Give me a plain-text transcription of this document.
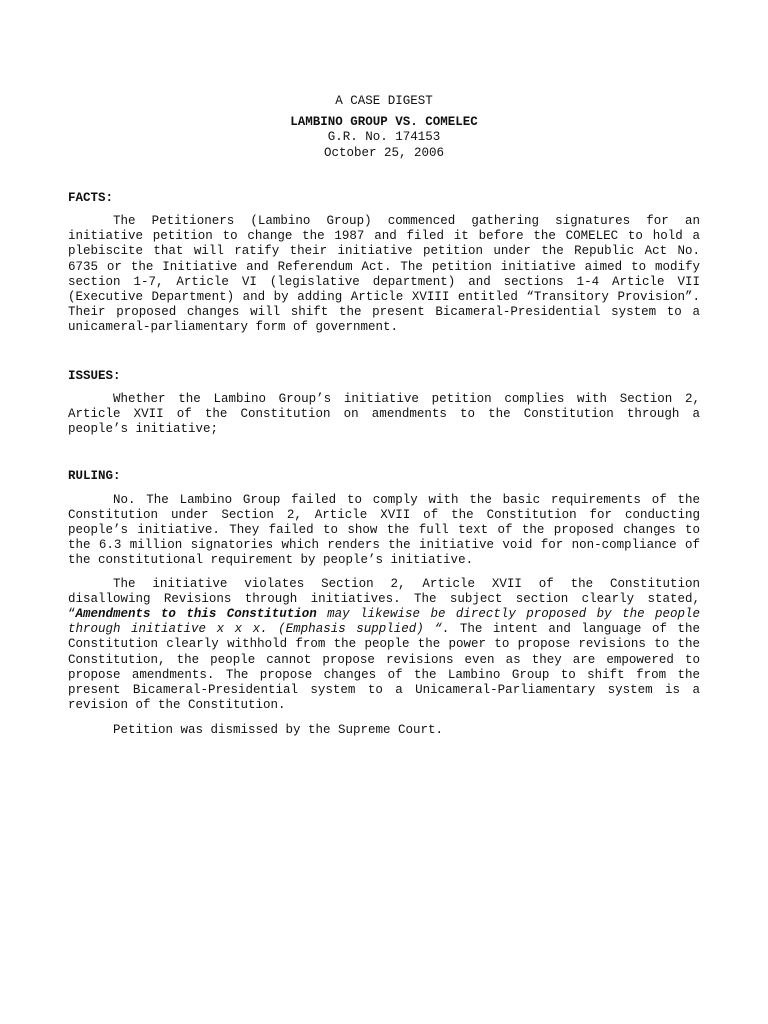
A CASE DIGEST
LAMBINO GROUP VS. COMELEC
G.R. No. 174153
October 25, 2006
FACTS:

The Petitioners (Lambino Group) commenced gathering signatures for an initiative petition to change the 1987 and filed it before the COMELEC to hold a plebiscite that will ratify their initiative petition under the Republic Act No. 6735 or the Initiative and Referendum Act. The petition initiative aimed to modify section 1-7, Article VI (legislative department) and sections 1-4 Article VII (Executive Department) and by adding Article XVIII entitled “Transitory Provision”. Their proposed changes will shift the present Bicameral-Presidential system to a unicameral-parliamentary form of government.

ISSUES:

Whether the Lambino Group’s initiative petition complies with Section 2, Article XVII of the Constitution on amendments to the Constitution through a people’s initiative;

RULING:

No. The Lambino Group failed to comply with the basic requirements of the Constitution under Section 2, Article XVII of the Constitution for conducting people’s initiative. They failed to show the full text of the proposed changes to the 6.3 million signatories which renders the initiative void for non-compliance of the constitutional requirement by people’s initiative.

The initiative violates Section 2, Article XVII of the Constitution disallowing Revisions through initiatives. The subject section clearly stated, “Amendments to this Constitution may likewise be directly proposed by the people through initiative x x x. (Emphasis supplied) “. The intent and language of the Constitution clearly withhold from the people the power to propose revisions to the Constitution, the people cannot propose revisions even as they are empowered to propose amendments. The propose changes of the Lambino Group to shift from the present Bicameral-Presidential system to a Unicameral-Parliamentary system is a revision of the Constitution.

Petition was dismissed by the Supreme Court.
